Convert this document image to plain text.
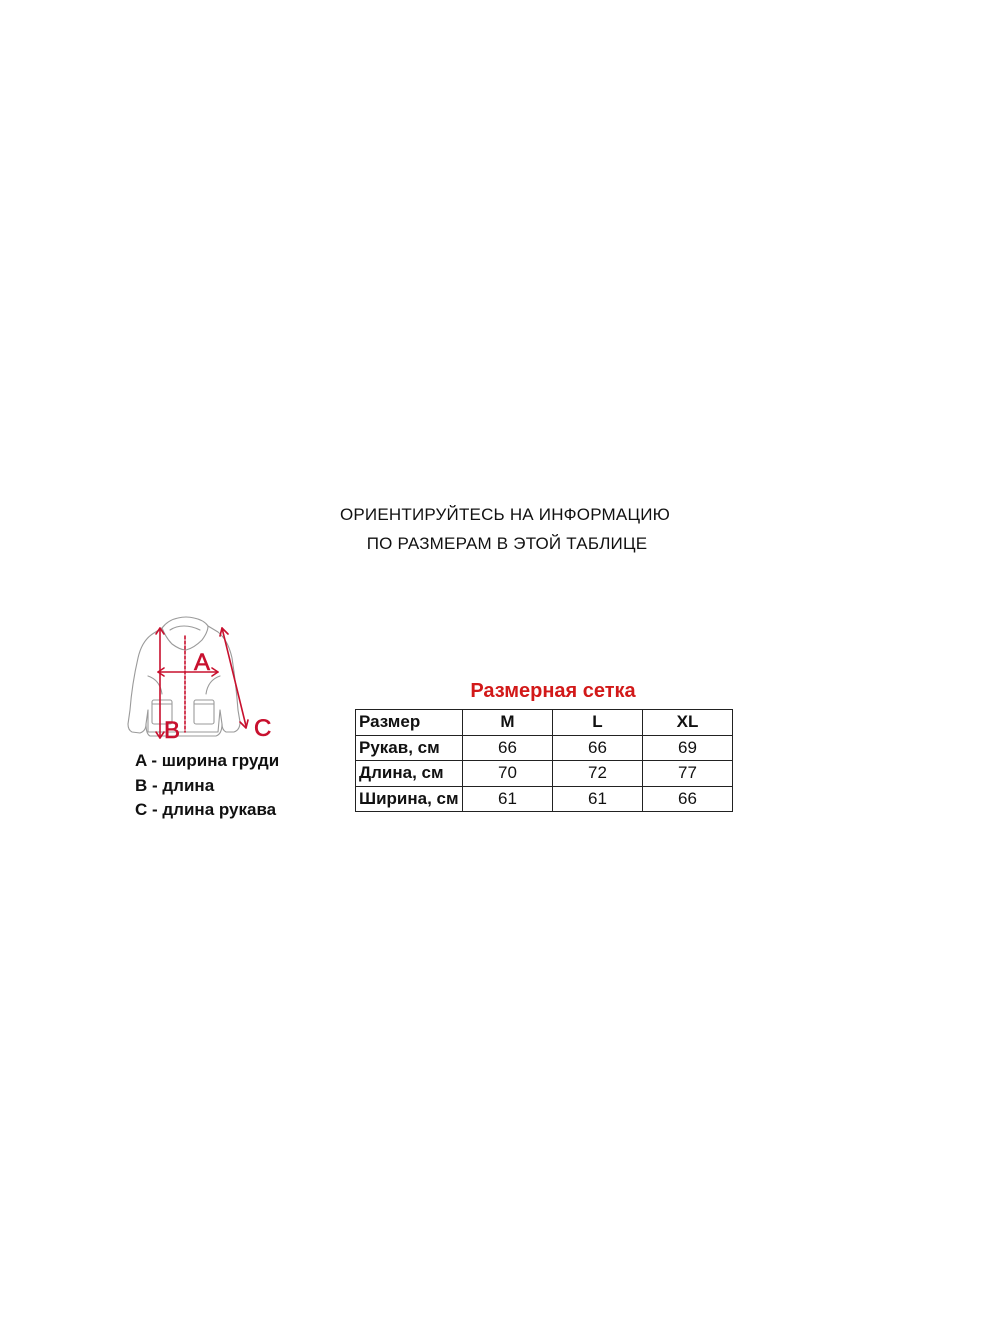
ОРИЕНТИРУЙТЕСЬ НА ИНФОРМАЦИЮ
ПО РАЗМЕРАМ В ЭТОЙ ТАБЛИЦЕ
A
B	C
A - ширина груди
B - длина
C - длина рукава
Размерная сетка
Размер	M	L	XL
Рукав, см	66	66	69
Длина, см	70	72	77
Ширина, см	61	61	66
